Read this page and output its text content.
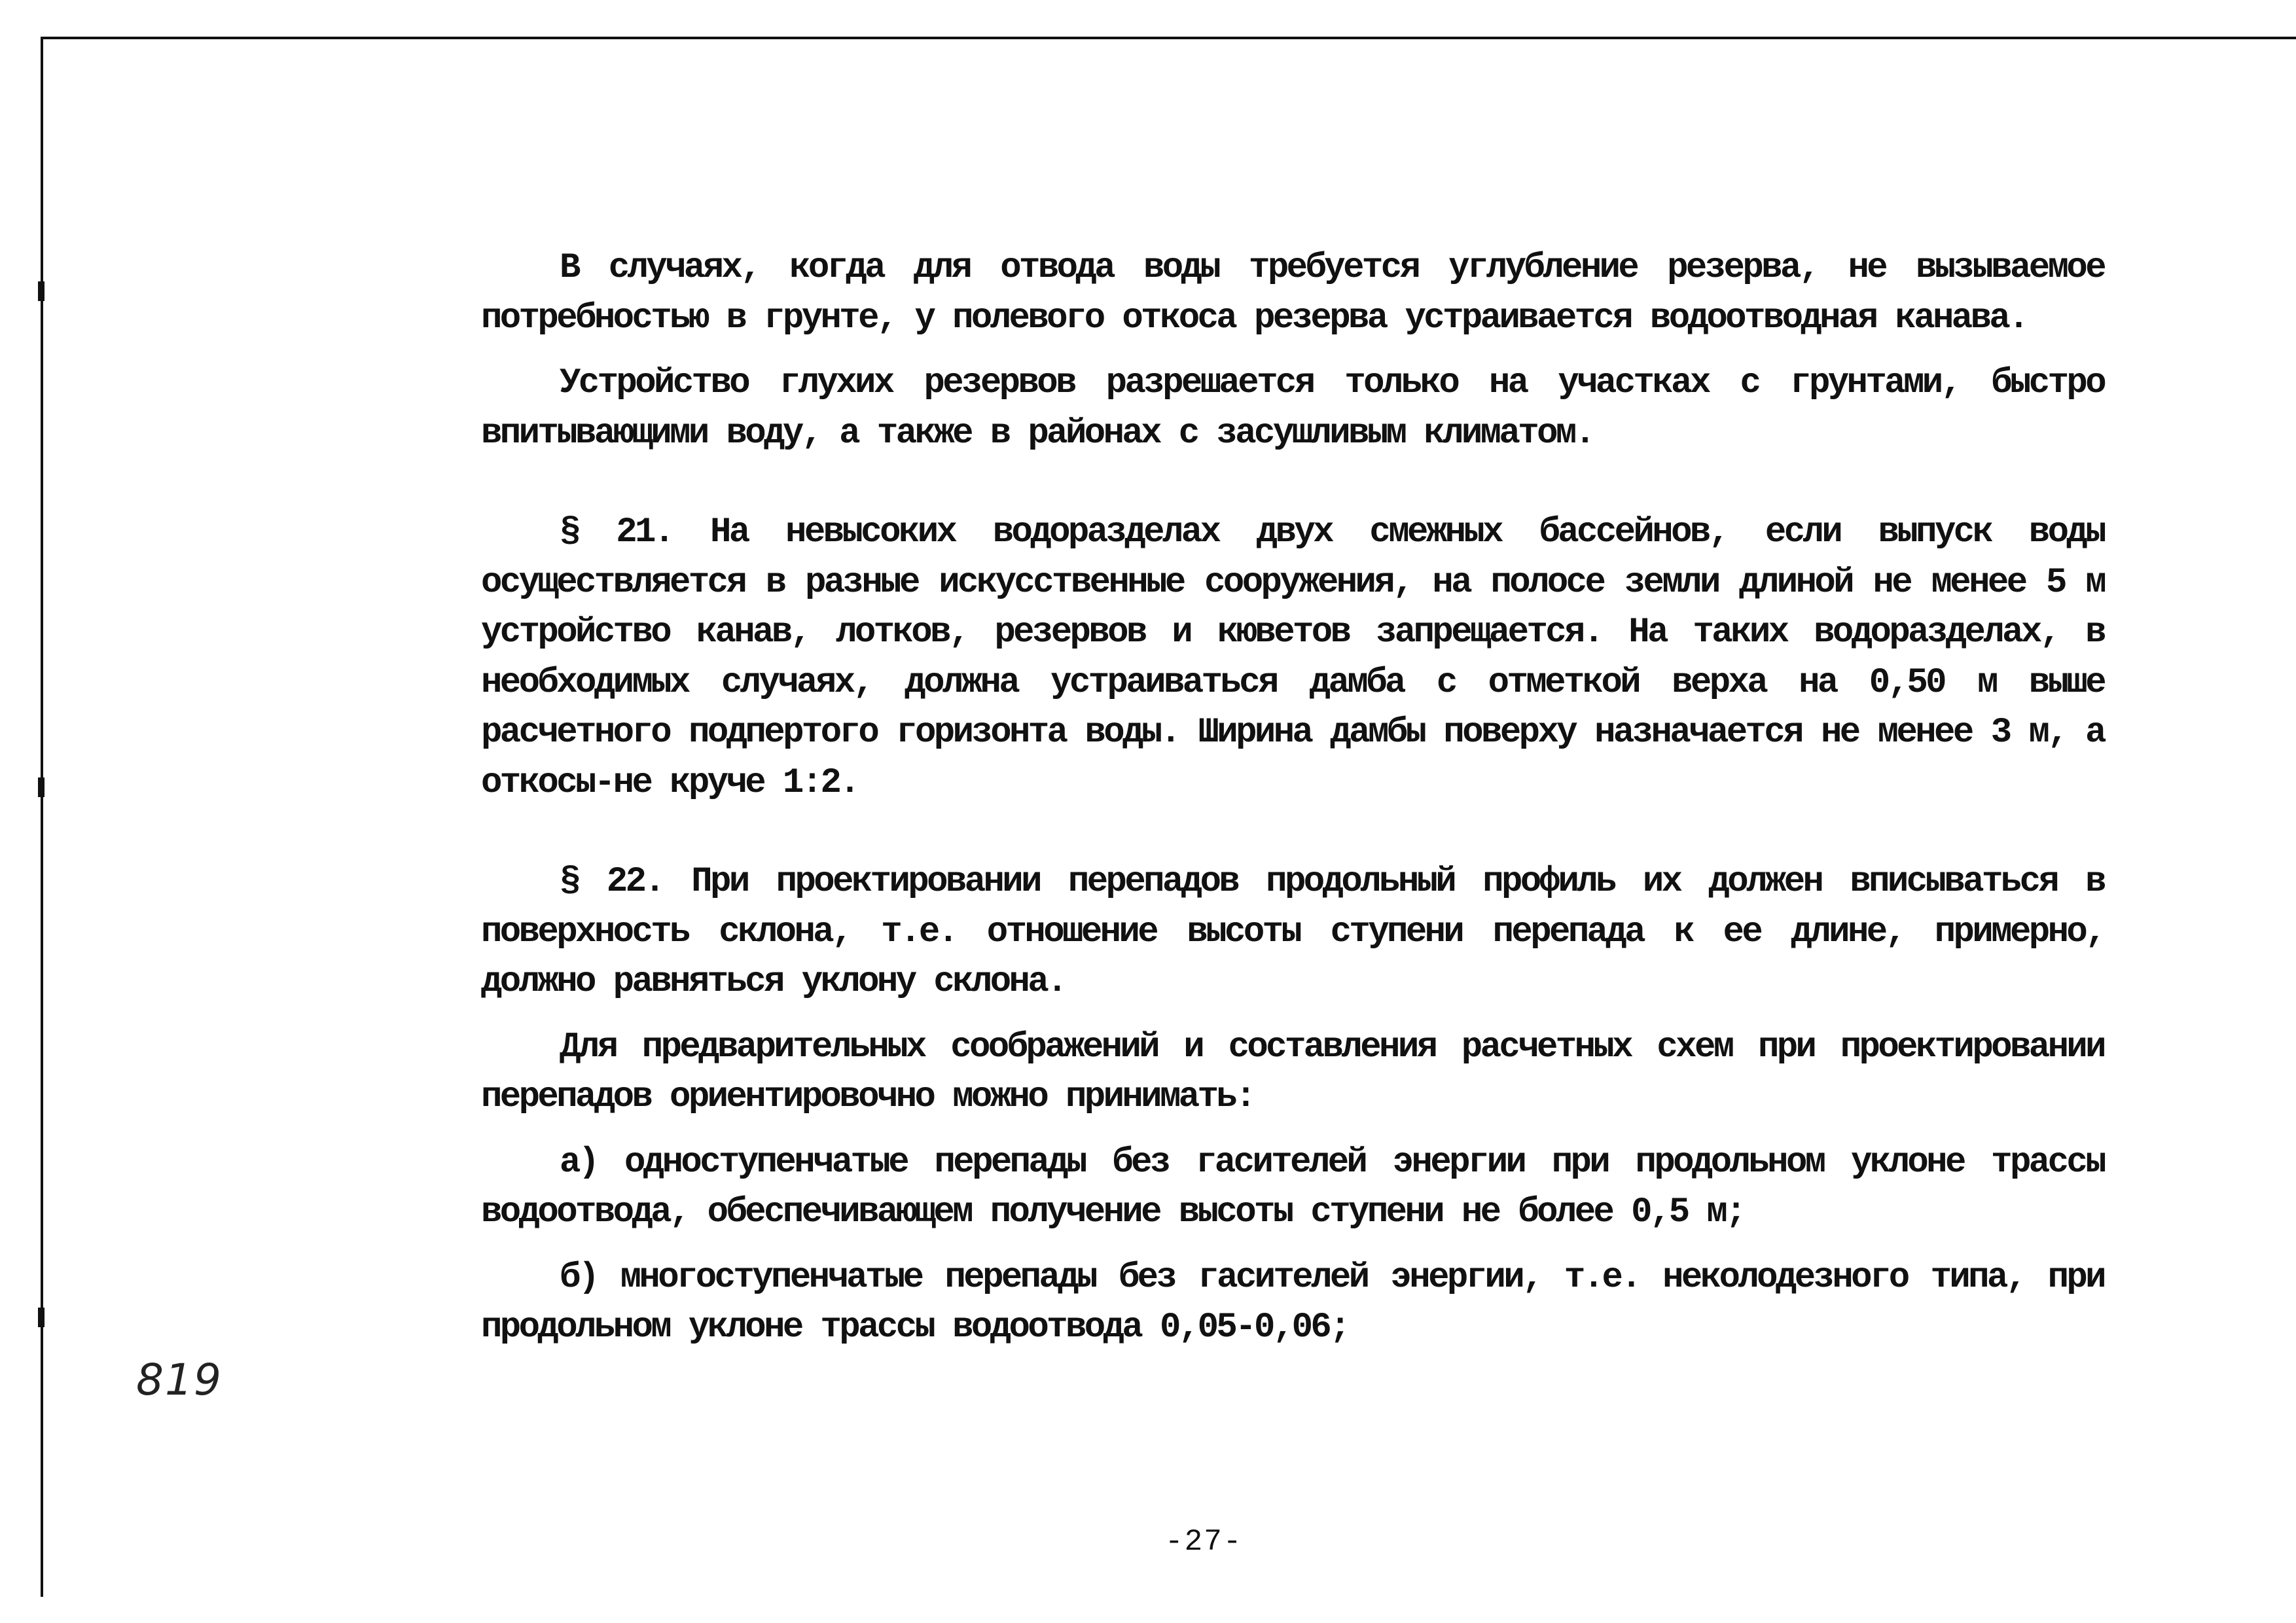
В случаях, когда для отвода воды требуется углубление резерва, не вызываемое потребностью в грунте, у полевого откоса резерва устраивается водоотводная канава.

Устройство глухих резервов разрешается только на участках с грунтами, быстро впитывающими воду, а также в районах с засушливым климатом.

§ 21. На невысоких водоразделах двух смежных бассейнов, если выпуск воды осуществляется в разные искусственные сооружения, на полосе земли длиной не менее 5 м устройство канав, лотков, резервов и кюветов запрещается. На таких водоразделах, в необходимых случаях, должна устраиваться дамба с отметкой верха на 0,50 м выше расчетного подпертого горизонта воды. Ширина дамбы поверху назначается не менее 3 м, а откосы-не круче 1:2.

§ 22. При проектировании перепадов продольный профиль их должен вписываться в поверхность склона, т.е. отношение высоты ступени перепада к ее длине, примерно, должно равняться уклону склона.

Для предварительных соображений и составления расчетных схем при проектировании перепадов ориентировочно можно принимать:

а) одноступенчатые перепады без гасителей энергии при продольном уклоне трассы водоотвода, обеспечивающем получение высоты ступени не более 0,5 м;

б) многоступенчатые перепады без гасителей энергии, т.е. неколодезного типа, при продольном уклоне трассы водоотвода 0,05-0,06;

819
-27-
